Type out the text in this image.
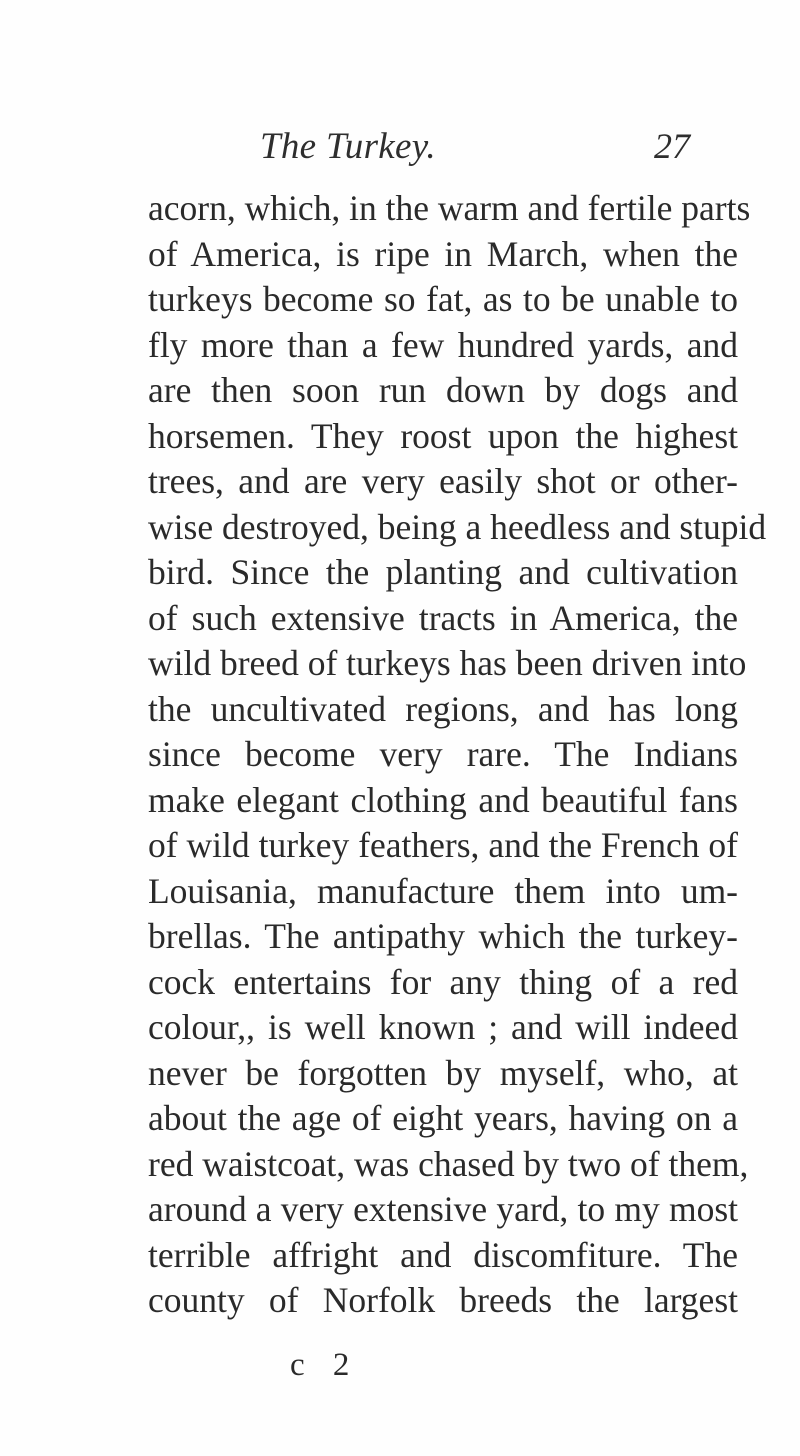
The Turkey.	27
acorn, which, in the warm and fertile parts
of America, is ripe in March, when the
turkeys become so fat, as to be unable to
fly more than a few hundred yards, and
are then soon run down by dogs and
horsemen. They roost upon the highest
trees, and are very easily shot or other-
wise destroyed, being a heedless and stupid
bird. Since the planting and cultivation
of such extensive tracts in America, the
wild breed of turkeys has been driven into
the uncultivated regions, and has long
since become very rare. The Indians
make elegant clothing and beautiful fans
of wild turkey feathers, and the French of
Louisania, manufacture them into um-
brellas. The antipathy which the turkey-
cock entertains for any thing of a red
colour,, is well known ; and will indeed
never be forgotten by myself, who, at
about the age of eight years, having on a
red waistcoat, was chased by two of them,
around a very extensive yard, to my most
terrible affright and discomfiture. The
county of Norfolk breeds the largest
c 2
